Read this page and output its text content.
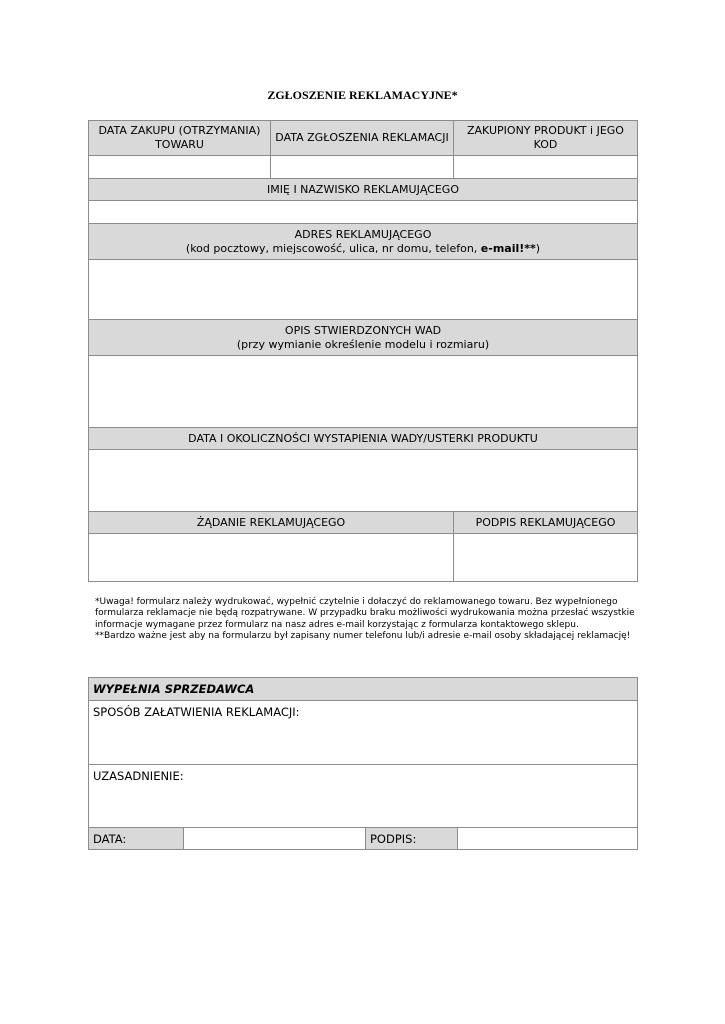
ZGŁOSZENIE REKLAMACYJNE*
DATA ZAKUPU (OTRZYMANIA) TOWARU	DATA ZGŁOSZENIA REKLAMACJI	ZAKUPIONY PRODUKT i JEGO KOD

IMIĘ I NAZWISKO REKLAMUJĄCEGO		

ADRES REKLAMUJĄCEGO
(kod pocztowy, miejscowość, ulica, nr domu, telefon, e-mail!**)		

OPIS STWIERDZONYCH WAD
(przy wymianie określenie modelu i rozmiaru)		

DATA I OKOLICZNOŚCI WYSTAPIENIA WADY/USTERKI PRODUKTU		

ŻĄDANIE REKLAMUJĄCEGO		PODPIS REKLAMUJĄCEGO

*Uwaga! formularz należy wydrukować, wypełnić czytelnie i dołaczyć do reklamowanego towaru. Bez wypełnionego formularza reklamacje nie będą rozpatrywane. W przypadku braku możliwości wydrukowania można przesłać wszystkie informacje wymagane przez formularz na nasz adres e-mail korzystając z formularza kontaktowego sklepu.
**Bardzo ważne jest aby na formularzu był zapisany numer telefonu lub/i adresie e-mail osoby składającej reklamację!
WYPEŁNIA SPRZEDAWCA

SPOSÓB ZAŁATWIENIA REKLAMACJI:

UZASADNIENIE:

DATA:		PODPIS:	
